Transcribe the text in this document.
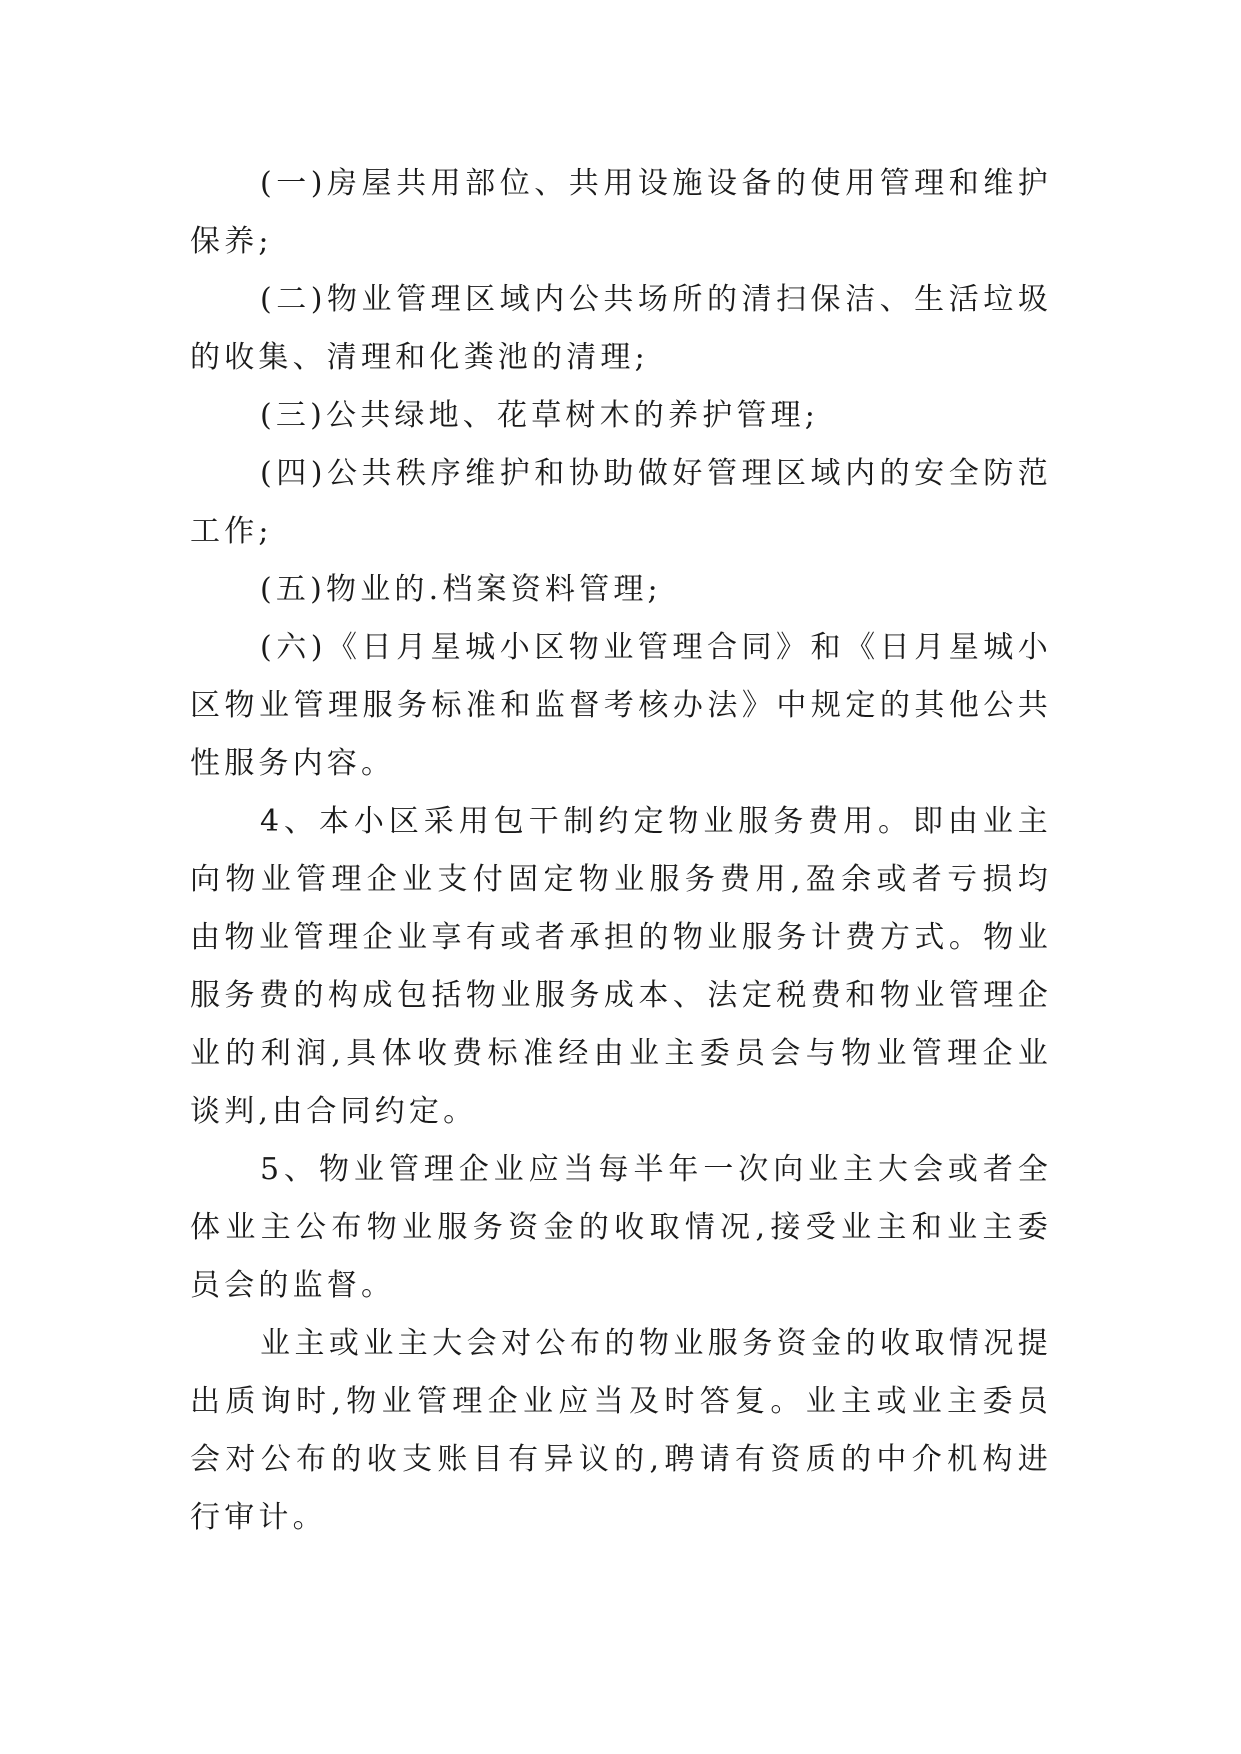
(一)房屋共用部位、共用设施设备的使用管理和维护保养;

(二)物业管理区域内公共场所的清扫保洁、生活垃圾的收集、清理和化粪池的清理;

(三)公共绿地、花草树木的养护管理;

(四)公共秩序维护和协助做好管理区域内的安全防范工作;

(五)物业的.档案资料管理;

(六)《日月星城小区物业管理合同》和《日月星城小区物业管理服务标准和监督考核办法》中规定的其他公共性服务内容。

4、本小区采用包干制约定物业服务费用。即由业主向物业管理企业支付固定物业服务费用,盈余或者亏损均由物业管理企业享有或者承担的物业服务计费方式。物业服务费的构成包括物业服务成本、法定税费和物业管理企业的利润,具体收费标准经由业主委员会与物业管理企业谈判,由合同约定。

5、物业管理企业应当每半年一次向业主大会或者全体业主公布物业服务资金的收取情况,接受业主和业主委员会的监督。

业主或业主大会对公布的物业服务资金的收取情况提出质询时,物业管理企业应当及时答复。业主或业主委员会对公布的收支账目有异议的,聘请有资质的中介机构进行审计。
